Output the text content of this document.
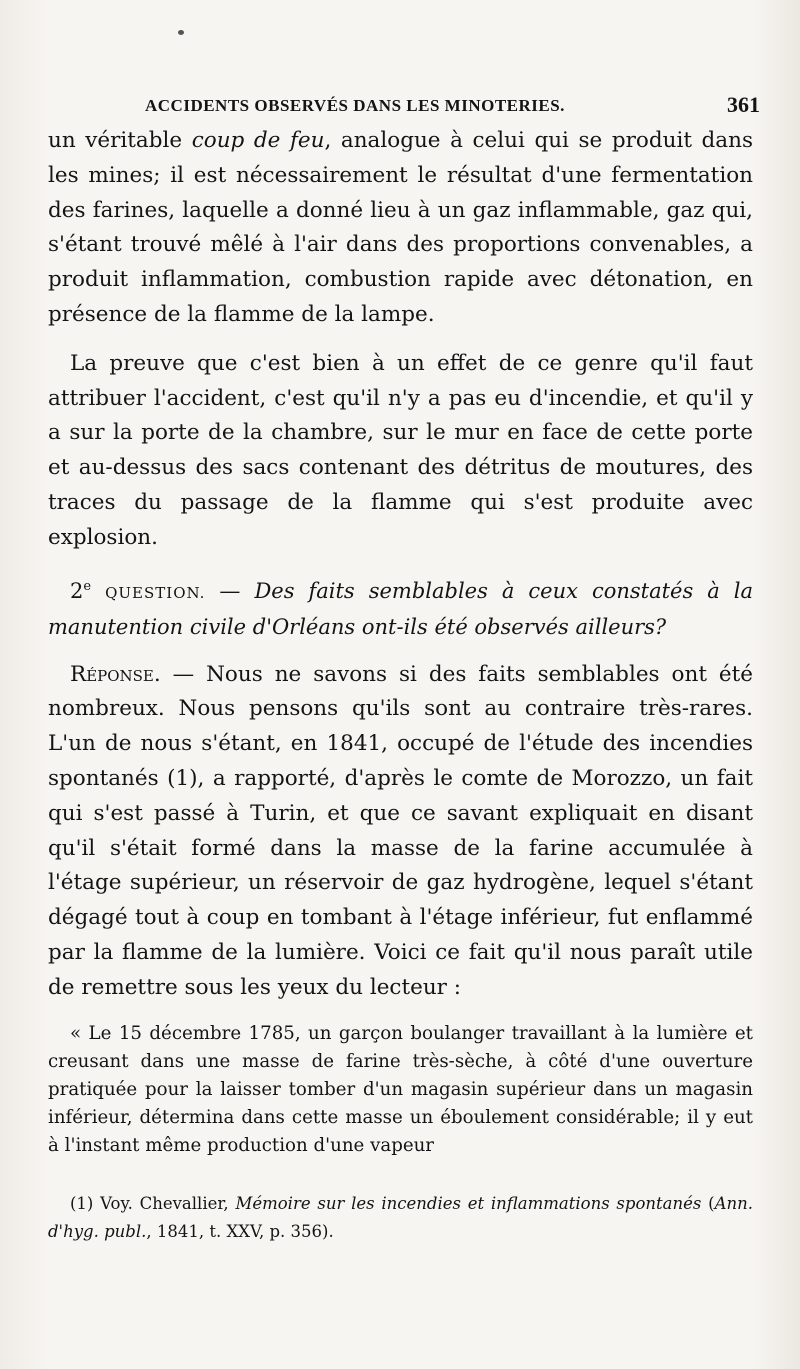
ACCIDENTS OBSERVÉS DANS LES MINOTERIES.	361

un véritable coup de feu, analogue à celui qui se produit dans les mines; il est nécessairement le résultat d'une fermentation des farines, laquelle a donné lieu à un gaz inflammable, gaz qui, s'étant trouvé mêlé à l'air dans des proportions convenables, a produit inflammation, combustion rapide avec détonation, en présence de la flamme de la lampe.

La preuve que c'est bien à un effet de ce genre qu'il faut attribuer l'accident, c'est qu'il n'y a pas eu d'incendie, et qu'il y a sur la porte de la chambre, sur le mur en face de cette porte et au-dessus des sacs contenant des détritus de moutures, des traces du passage de la flamme qui s'est produite avec explosion.

2e QUESTION. — Des faits semblables à ceux constatés à la manutention civile d'Orléans ont-ils été observés ailleurs?

Réponse. — Nous ne savons si des faits semblables ont été nombreux. Nous pensons qu'ils sont au contraire très-rares. L'un de nous s'étant, en 1841, occupé de l'étude des incendies spontanés (1), a rapporté, d'après le comte de Morozzo, un fait qui s'est passé à Turin, et que ce savant expliquait en disant qu'il s'était formé dans la masse de la farine accumulée à l'étage supérieur, un réservoir de gaz hydrogène, lequel s'étant dégagé tout à coup en tombant à l'étage inférieur, fut enflammé par la flamme de la lumière. Voici ce fait qu'il nous paraît utile de remettre sous les yeux du lecteur :

« Le 15 décembre 1785, un garçon boulanger travaillant à la lumière et creusant dans une masse de farine très-sèche, à côté d'une ouverture pratiquée pour la laisser tomber d'un magasin supérieur dans un magasin inférieur, détermina dans cette masse un éboulement considérable; il y eut à l'instant même production d'une vapeur

(1) Voy. Chevallier, Mémoire sur les incendies et inflammations spontanés (Ann. d'hyg. publ., 1841, t. XXV, p. 356).
